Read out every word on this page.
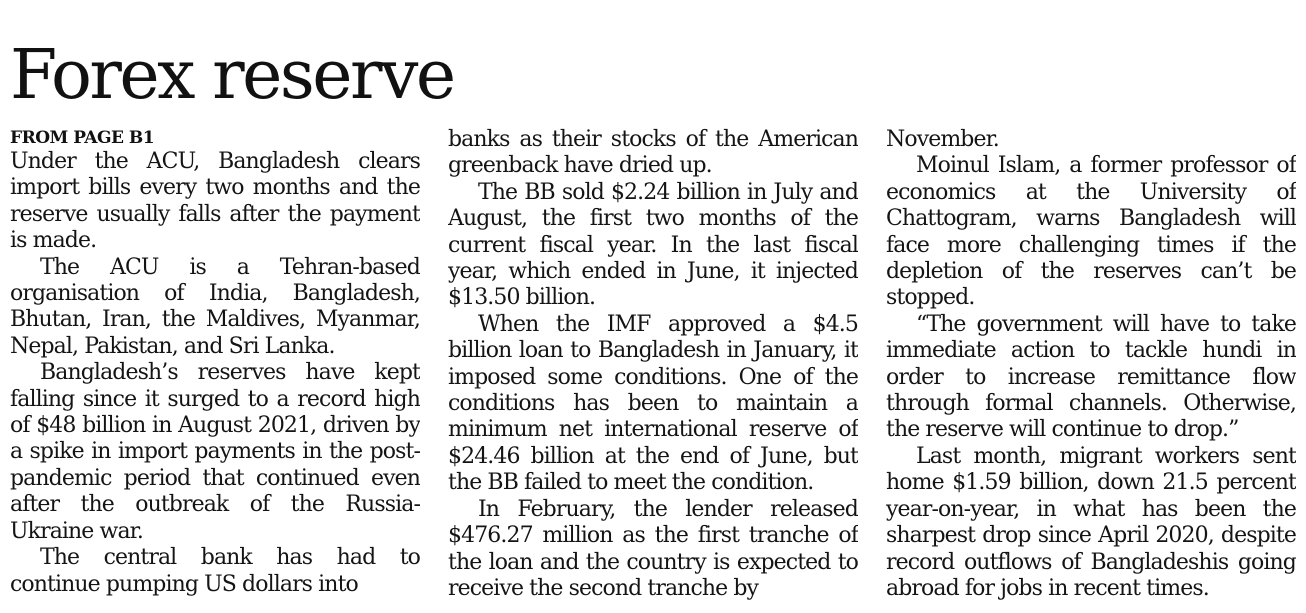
Forex reserve

FROM PAGE B1

Under the ACU, Bangladesh clears import bills every two months and the reserve usually falls after the payment is made.

The ACU is a Tehran-based organisation of India, Bangladesh, Bhutan, Iran, the Maldives, Myanmar, Nepal, Pakistan, and Sri Lanka.

Bangladesh’s reserves have kept falling since it surged to a record high of $48 billion in August 2021, driven by a spike in import payments in the post-pandemic period that continued even after the outbreak of the Russia-Ukraine war.

The central bank has had to continue pumping US dollars into

banks as their stocks of the American greenback have dried up.

The BB sold $2.24 billion in July and August, the first two months of the current fiscal year. In the last fiscal year, which ended in June, it injected $13.50 billion.

When the IMF approved a $4.5 billion loan to Bangladesh in January, it imposed some conditions. One of the conditions has been to maintain a minimum net international reserve of $24.46 billion at the end of June, but the BB failed to meet the condition.

In February, the lender released $476.27 million as the first tranche of the loan and the country is expected to receive the second tranche by

November.

Moinul Islam, a former professor of economics at the University of Chattogram, warns Bangladesh will face more challenging times if the depletion of the reserves can’t be stopped.

“The government will have to take immediate action to tackle hundi in order to increase remittance flow through formal channels. Otherwise, the reserve will continue to drop.”

Last month, migrant workers sent home $1.59 billion, down 21.5 percent year-on-year, in what has been the sharpest drop since April 2020, despite record outflows of Bangladeshis going abroad for jobs in recent times.
